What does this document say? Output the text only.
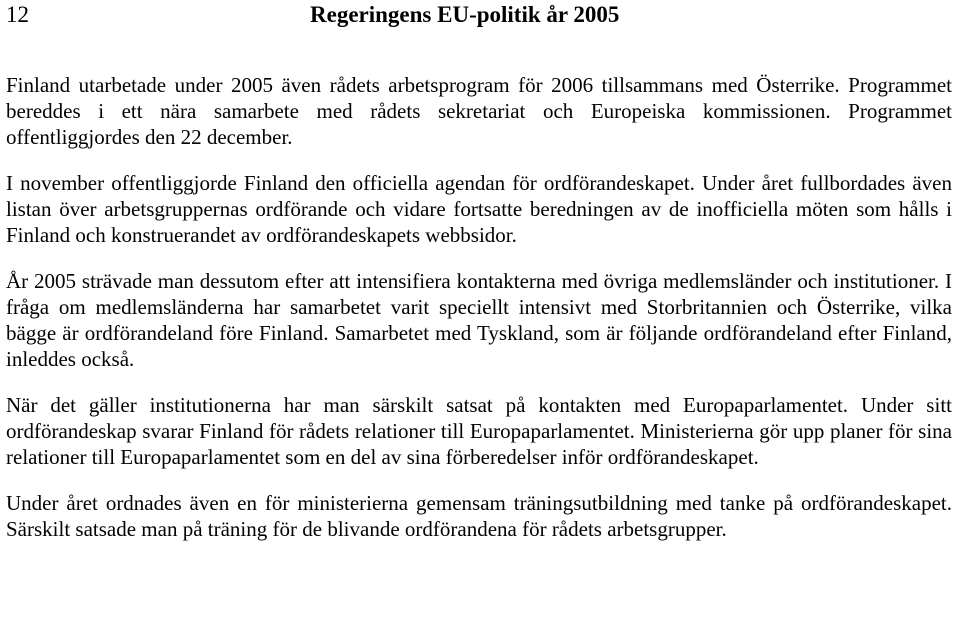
12	Regeringens EU-politik år 2005

Finland utarbetade under 2005 även rådets arbetsprogram för 2006 tillsammans med Österrike. Programmet bereddes i ett nära samarbete med rådets sekretariat och Europeiska kommissionen. Programmet offentliggjordes den 22 december.

I november offentliggjorde Finland den officiella agendan för ordförandeskapet. Under året fullbordades även listan över arbetsgruppernas ordförande och vidare fortsatte beredningen av de inofficiella möten som hålls i Finland och konstruerandet av ordförandeskapets webbsidor.

År 2005 strävade man dessutom efter att intensifiera kontakterna med övriga medlemsländer och institutioner. I fråga om medlemsländerna har samarbetet varit speciellt intensivt med Storbritannien och Österrike, vilka bägge är ordförandeland före Finland. Samarbetet med Tyskland, som är följande ordförandeland efter Finland, inleddes också.

När det gäller institutionerna har man särskilt satsat på kontakten med Europaparlamentet. Under sitt ordförandeskap svarar Finland för rådets relationer till Europaparlamentet. Ministerierna gör upp planer för sina relationer till Europaparlamentet som en del av sina förberedelser inför ordförandeskapet.

Under året ordnades även en för ministerierna gemensam träningsutbildning med tanke på ordförandeskapet. Särskilt satsade man på träning för de blivande ordförandena för rådets arbetsgrupper.
